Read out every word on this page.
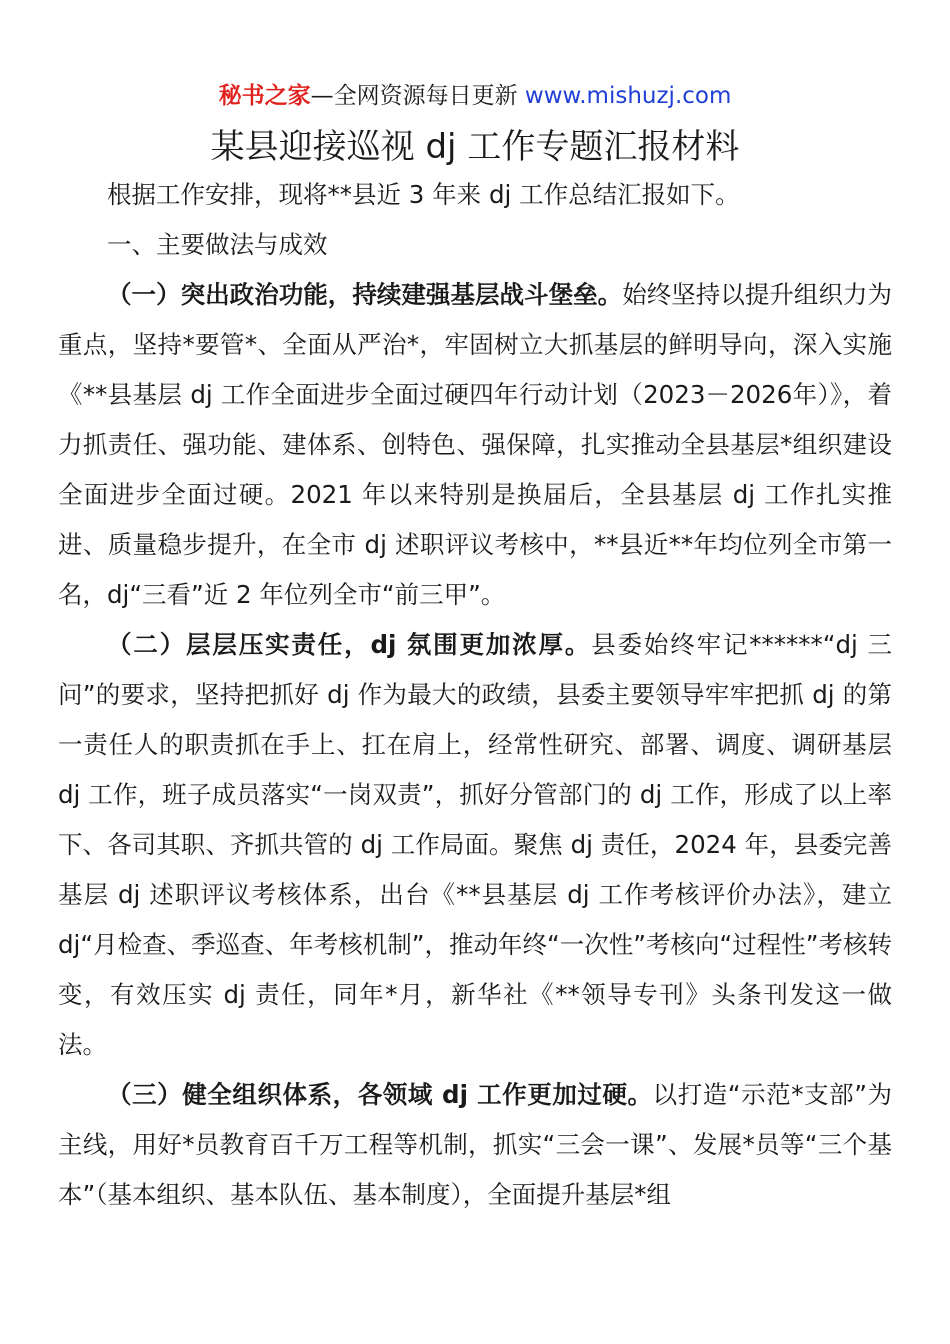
秘书之家—全网资源每日更新 www.mishuzj.com
某县迎接巡视 dj 工作专题汇报材料

根据工作安排，现将**县近 3 年来 dj 工作总结汇报如下。

一、主要做法与成效

（一）突出政治功能，持续建强基层战斗堡垒。始终坚持以提升组织力为重点，坚持*要管*、全面从严治*，牢固树立大抓基层的鲜明导向，深入实施《**县基层 dj 工作全面进步全面过硬四年行动计划（2023－2026年）》，着力抓责任、强功能、建体系、创特色、强保障，扎实推动全县基层*组织建设全面进步全面过硬。2021 年以来特别是换届后，全县基层 dj 工作扎实推进、质量稳步提升，在全市 dj 述职评议考核中，**县近**年均位列全市第一名，dj“三看”近 2 年位列全市“前三甲”。

（二）层层压实责任，dj 氛围更加浓厚。县委始终牢记******“dj 三问”的要求，坚持把抓好 dj 作为最大的政绩，县委主要领导牢牢把抓 dj 的第一责任人的职责抓在手上、扛在肩上，经常性研究、部署、调度、调研基层 dj 工作，班子成员落实“一岗双责”，抓好分管部门的 dj 工作，形成了以上率下、各司其职、齐抓共管的 dj 工作局面。聚焦 dj 责任，2024 年，县委完善基层 dj 述职评议考核体系，出台《**县基层 dj 工作考核评价办法》，建立 dj“月检查、季巡查、年考核机制”，推动年终“一次性”考核向“过程性”考核转变，有效压实 dj 责任，同年*月，新华社《**领导专刊》头条刊发这一做法。

（三）健全组织体系，各领域 dj 工作更加过硬。以打造“示范*支部”为主线，用好*员教育百千万工程等机制，抓实“三会一课”、发展*员等“三个基本”（基本组织、基本队伍、基本制度），全面提升基层*组
